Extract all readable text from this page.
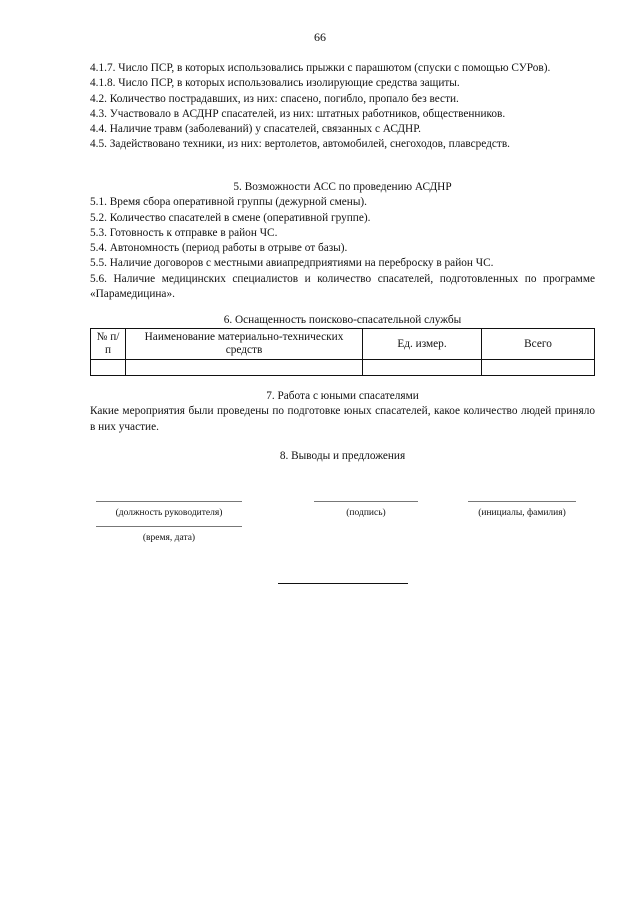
66

4.1.7. Число ПСР, в которых использовались прыжки с парашютом (спуски с помощью СУРов).

4.1.8. Число ПСР, в которых использовались изолирующие средства защиты.

4.2. Количество пострадавших, из них: спасено, погибло, пропало без вести.

4.3. Участвовало в АСДНР спасателей, из них: штатных работников, общественников.

4.4. Наличие травм (заболеваний) у спасателей, связанных с АСДНР.

4.5. Задействовано техники, из них: вертолетов, автомобилей, снегоходов, плавсредств.

5. Возможности АСС по проведению АСДНР

5.1. Время сбора оперативной группы (дежурной смены).

5.2. Количество спасателей в смене (оперативной группе).

5.3. Готовность к отправке в район ЧС.

5.4. Автономность (период работы в отрыве от базы).

5.5. Наличие договоров с местными авиапредприятиями на переброску в район ЧС.

5.6. Наличие медицинских специалистов и количество спасателей, подготовленных по программе «Парамедицина».

6. Оснащенность поисково-спасательной службы

№ п/п	Наименование материально-технических средств	Ед. измер.	Всего

7. Работа с юными спасателями

Какие мероприятия были проведены по подготовке юных спасателей, какое количество людей приняло в них участие.

8. Выводы и предложения

(должность руководителя)	(подпись)	(инициалы, фамилия)
(время, дата)
